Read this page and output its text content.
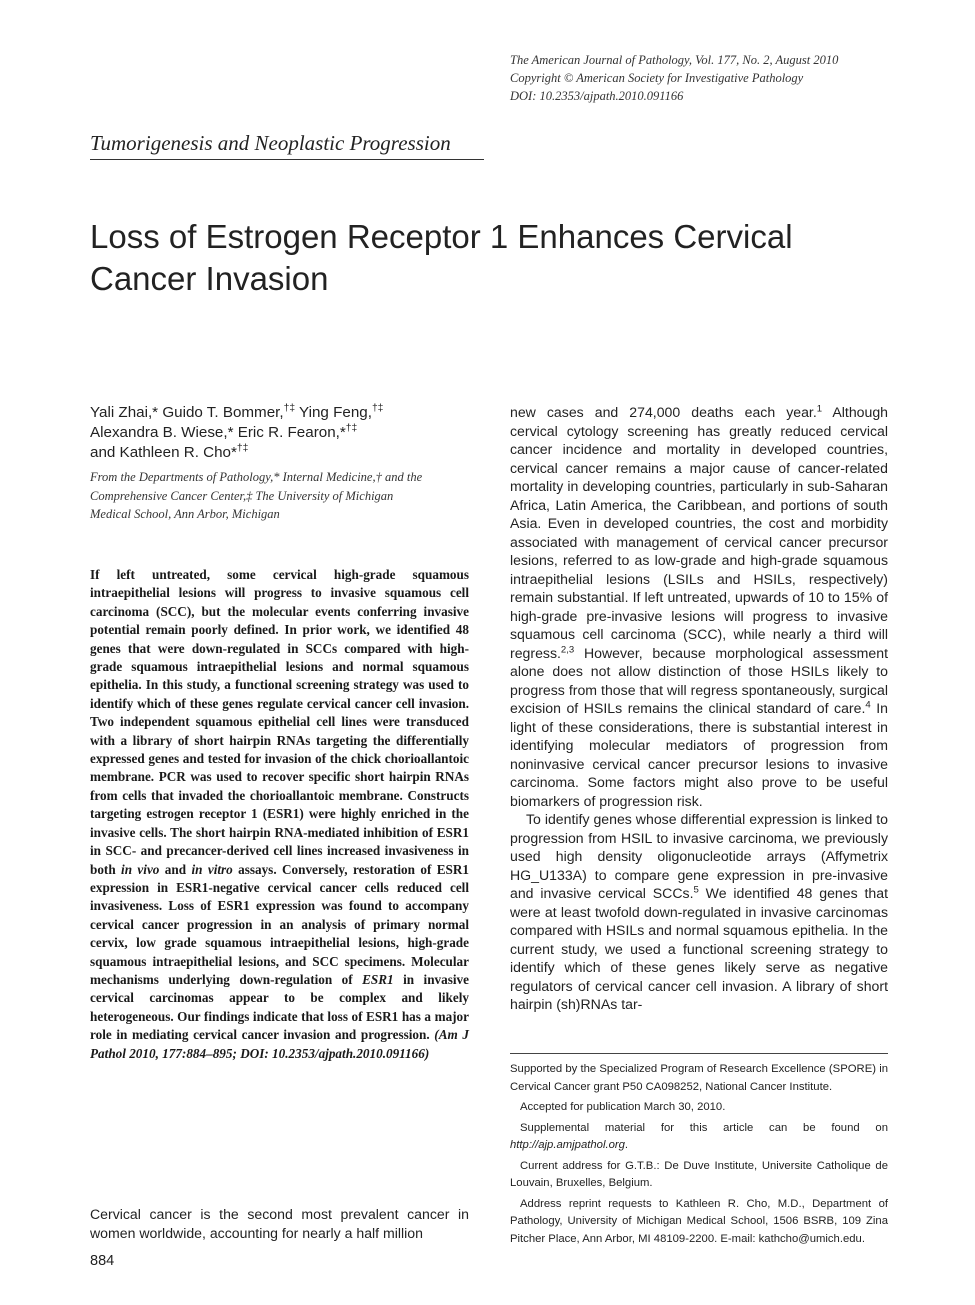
The American Journal of Pathology, Vol. 177, No. 2, August 2010
Copyright © American Society for Investigative Pathology
DOI: 10.2353/ajpath.2010.091166
Tumorigenesis and Neoplastic Progression
Loss of Estrogen Receptor 1 Enhances Cervical Cancer Invasion
Yali Zhai,* Guido T. Bommer,†‡ Ying Feng,†‡
Alexandra B. Wiese,* Eric R. Fearon,*†‡
and Kathleen R. Cho*†‡
From the Departments of Pathology,* Internal Medicine,† and the
Comprehensive Cancer Center,‡ The University of Michigan
Medical School, Ann Arbor, Michigan
If left untreated, some cervical high-grade squamous intraepithelial lesions will progress to invasive squamous cell carcinoma (SCC), but the molecular events conferring invasive potential remain poorly defined. In prior work, we identified 48 genes that were down-regulated in SCCs compared with high-grade squamous intraepithelial lesions and normal squamous epithelia. In this study, a functional screening strategy was used to identify which of these genes regulate cervical cancer cell invasion. Two independent squamous epithelial cell lines were transduced with a library of short hairpin RNAs targeting the differentially expressed genes and tested for invasion of the chick chorioallantoic membrane. PCR was used to recover specific short hairpin RNAs from cells that invaded the chorioallantoic membrane. Constructs targeting estrogen receptor 1 (ESR1) were highly enriched in the invasive cells. The short hairpin RNA-mediated inhibition of ESR1 in SCC- and precancer-derived cell lines increased invasiveness in both in vivo and in vitro assays. Conversely, restoration of ESR1 expression in ESR1-negative cervical cancer cells reduced cell invasiveness. Loss of ESR1 expression was found to accompany cervical cancer progression in an analysis of primary normal cervix, low grade squamous intraepithelial lesions, high-grade squamous intraepithelial lesions, and SCC specimens. Molecular mechanisms underlying down-regulation of ESR1 in invasive cervical carcinomas appear to be complex and likely heterogeneous. Our findings indicate that loss of ESR1 has a major role in mediating cervical cancer invasion and progression. (Am J Pathol 2010, 177:884–895; DOI: 10.2353/ajpath.2010.091166)
Cervical cancer is the second most prevalent cancer in women worldwide, accounting for nearly a half million

new cases and 274,000 deaths each year.$^1$ Although cervical cytology screening has greatly reduced cervical cancer incidence and mortality in developed countries, cervical cancer remains a major cause of cancer-related mortality in developing countries, particularly in sub-Saharan Africa, Latin America, the Caribbean, and portions of south Asia. Even in developed countries, the cost and morbidity associated with management of cervical cancer precursor lesions, referred to as low-grade and high-grade squamous intraepithelial lesions (LSILs and HSILs, respectively) remain substantial. If left untreated, upwards of 10 to 15% of high-grade pre-invasive lesions will progress to invasive squamous cell carcinoma (SCC), while nearly a third will regress.$^{2,3}$ However, because morphological assessment alone does not allow distinction of those HSILs likely to progress from those that will regress spontaneously, surgical excision of HSILs remains the clinical standard of care.$^4$ In light of these considerations, there is substantial interest in identifying molecular mediators of progression from noninvasive cervical cancer precursor lesions to invasive carcinoma. Some factors might also prove to be useful biomarkers of progression risk.

To identify genes whose differential expression is linked to progression from HSIL to invasive carcinoma, we previously used high density oligonucleotide arrays (Affymetrix HG_U133A) to compare gene expression in pre-invasive and invasive cervical SCCs.$^5$ We identified 48 genes that were at least twofold down-regulated in invasive carcinomas compared with HSILs and normal squamous epithelia. In the current study, we used a functional screening strategy to identify which of these genes likely serve as negative regulators of cervical cancer cell invasion. A library of short hairpin (sh)RNAs tar-

Supported by the Specialized Program of Research Excellence (SPORE) in Cervical Cancer grant P50 CA098252, National Cancer Institute.

Accepted for publication March 30, 2010.

Supplemental material for this article can be found on http://ajp.amjpathol.org.

Current address for G.T.B.: De Duve Institute, Universite Catholique de Louvain, Bruxelles, Belgium.

Address reprint requests to Kathleen R. Cho, M.D., Department of Pathology, University of Michigan Medical School, 1506 BSRB, 109 Zina Pitcher Place, Ann Arbor, MI 48109-2200. E-mail: kathcho@umich.edu.

884
